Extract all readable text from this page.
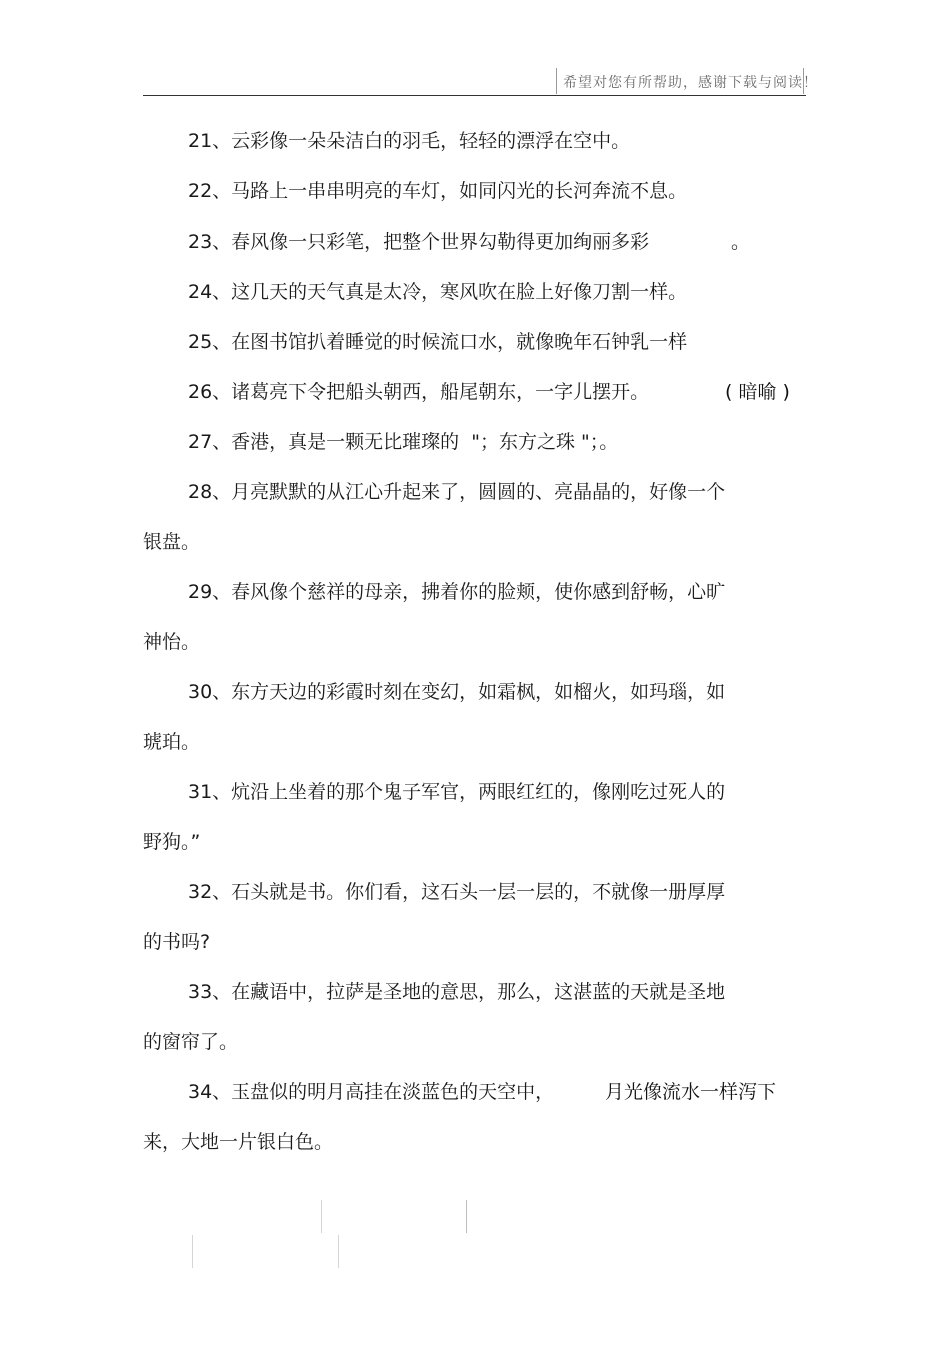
希望对您有所帮助，感谢下载与阅读！
21、云彩像一朵朵洁白的羽毛，轻轻的漂浮在空中。
22、马路上一串串明亮的车灯，如同闪光的长河奔流不息。
23、春风像一只彩笔，把整个世界勾勒得更加绚丽多彩	。
24、这几天的天气真是太冷，寒风吹在脸上好像刀割一样。
25、在图书馆扒着睡觉的时候流口水，就像晚年石钟乳一样
26、诸葛亮下令把船头朝西，船尾朝东，一字儿摆开。	( 暗喻 )
27、香港，真是一颗无比璀璨的  "；东方之珠 "；。
28、月亮默默的从江心升起来了，圆圆的、亮晶晶的，好像一个
银盘。
29、春风像个慈祥的母亲，拂着你的脸颊，使你感到舒畅，心旷
神怡。
30、东方天边的彩霞时刻在变幻，如霜枫，如榴火，如玛瑙，如
琥珀。
31、炕沿上坐着的那个鬼子军官，两眼红红的，像刚吃过死人的
野狗。”
32、石头就是书。你们看，这石头一层一层的，不就像一册厚厚
的书吗?
33、在藏语中，拉萨是圣地的意思，那么，这湛蓝的天就是圣地
的窗帘了。
34、玉盘似的明月高挂在淡蓝色的天空中，	月光像流水一样泻下
来，大地一片银白色。
